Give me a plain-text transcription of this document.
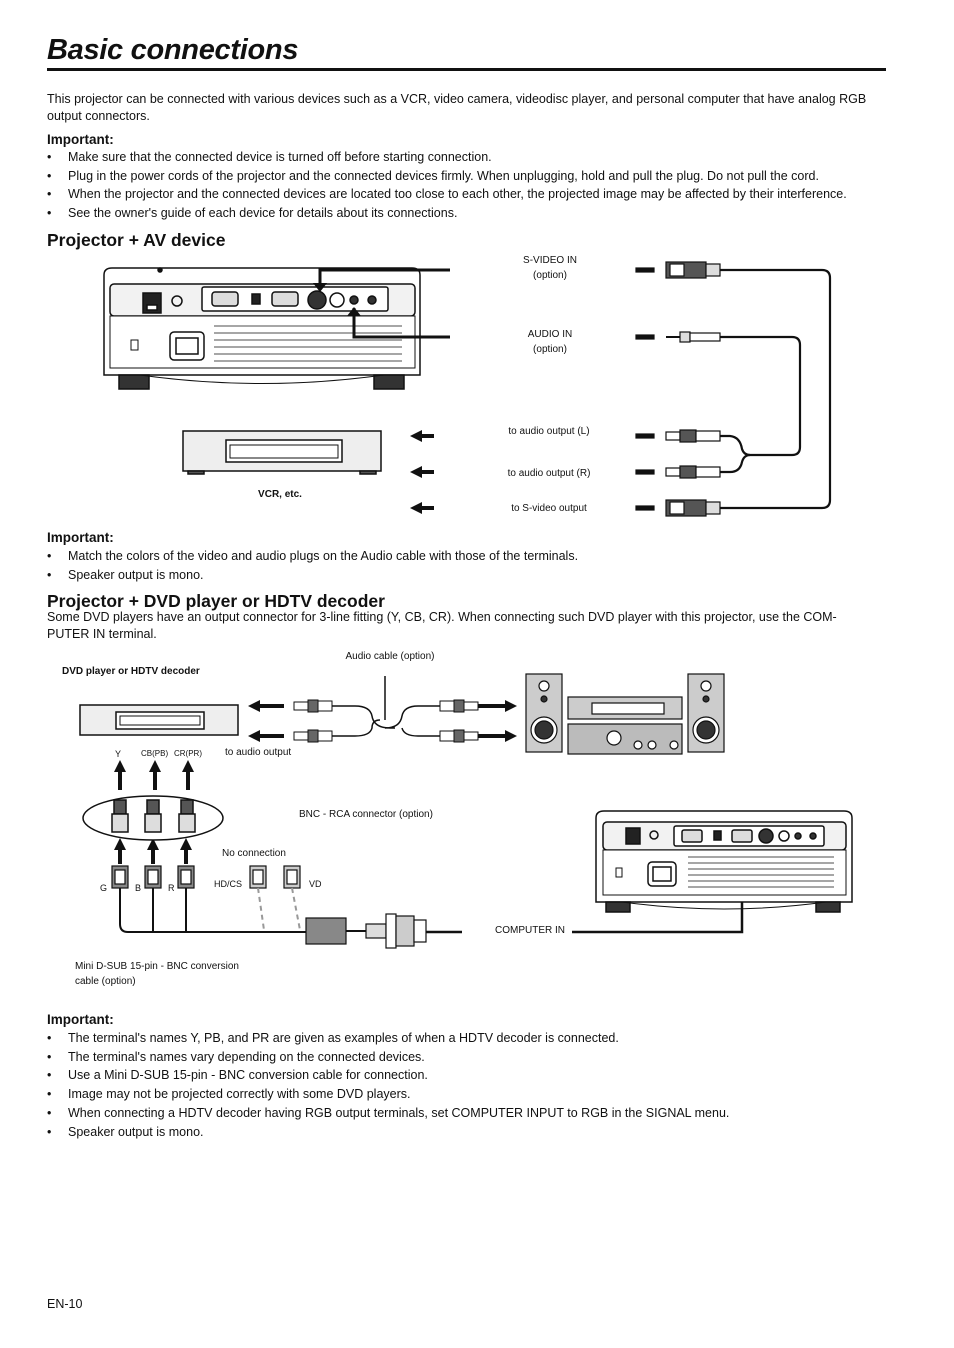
Basic connections
This projector can be connected with various devices such as a VCR, video camera, videodisc player, and personal computer that have analog RGB output connectors.
Important:
• Make sure that the connected device is turned off before starting connection.
• Plug in the power cords of the projector and the connected devices firmly. When unplugging, hold and pull the plug. Do not pull the cord.
• When the projector and the connected devices are located too close to each other, the projected image may be affected by their interference.
• See the owner's guide of each device for details about its connections.
Projector + AV device
S-VIDEO IN
(option)
AUDIO IN
(option)
to audio output (L)
to audio output (R)
to S-video output
VCR, etc.
Important:
• Match the colors of the video and audio plugs on the Audio cable with those of the terminals.
• Speaker output is mono.
Projector + DVD player or HDTV decoder
Some DVD players have an output connector for 3-line fitting (Y, CB, CR). When connecting such DVD player with this projector, use the COM-
PUTER IN terminal.
Audio cable (option)
DVD player or HDTV decoder
Y CB(PB) CR(PR) to audio output
BNC - RCA connector (option)
No connection
G	B	R	HD/CS	VD
COMPUTER IN
Mini D-SUB 15-pin - BNC conversion
cable (option)
Important:
• The terminal's names Y, PB, and PR are given as examples of when a HDTV decoder is connected.
• The terminal's names vary depending on the connected devices.
• Use a Mini D-SUB 15-pin - BNC conversion cable for connection.
• Image may not be projected correctly with some DVD players.
• When connecting a HDTV decoder having RGB output terminals, set COMPUTER INPUT to RGB in the SIGNAL menu.
• Speaker output is mono.
EN-10
